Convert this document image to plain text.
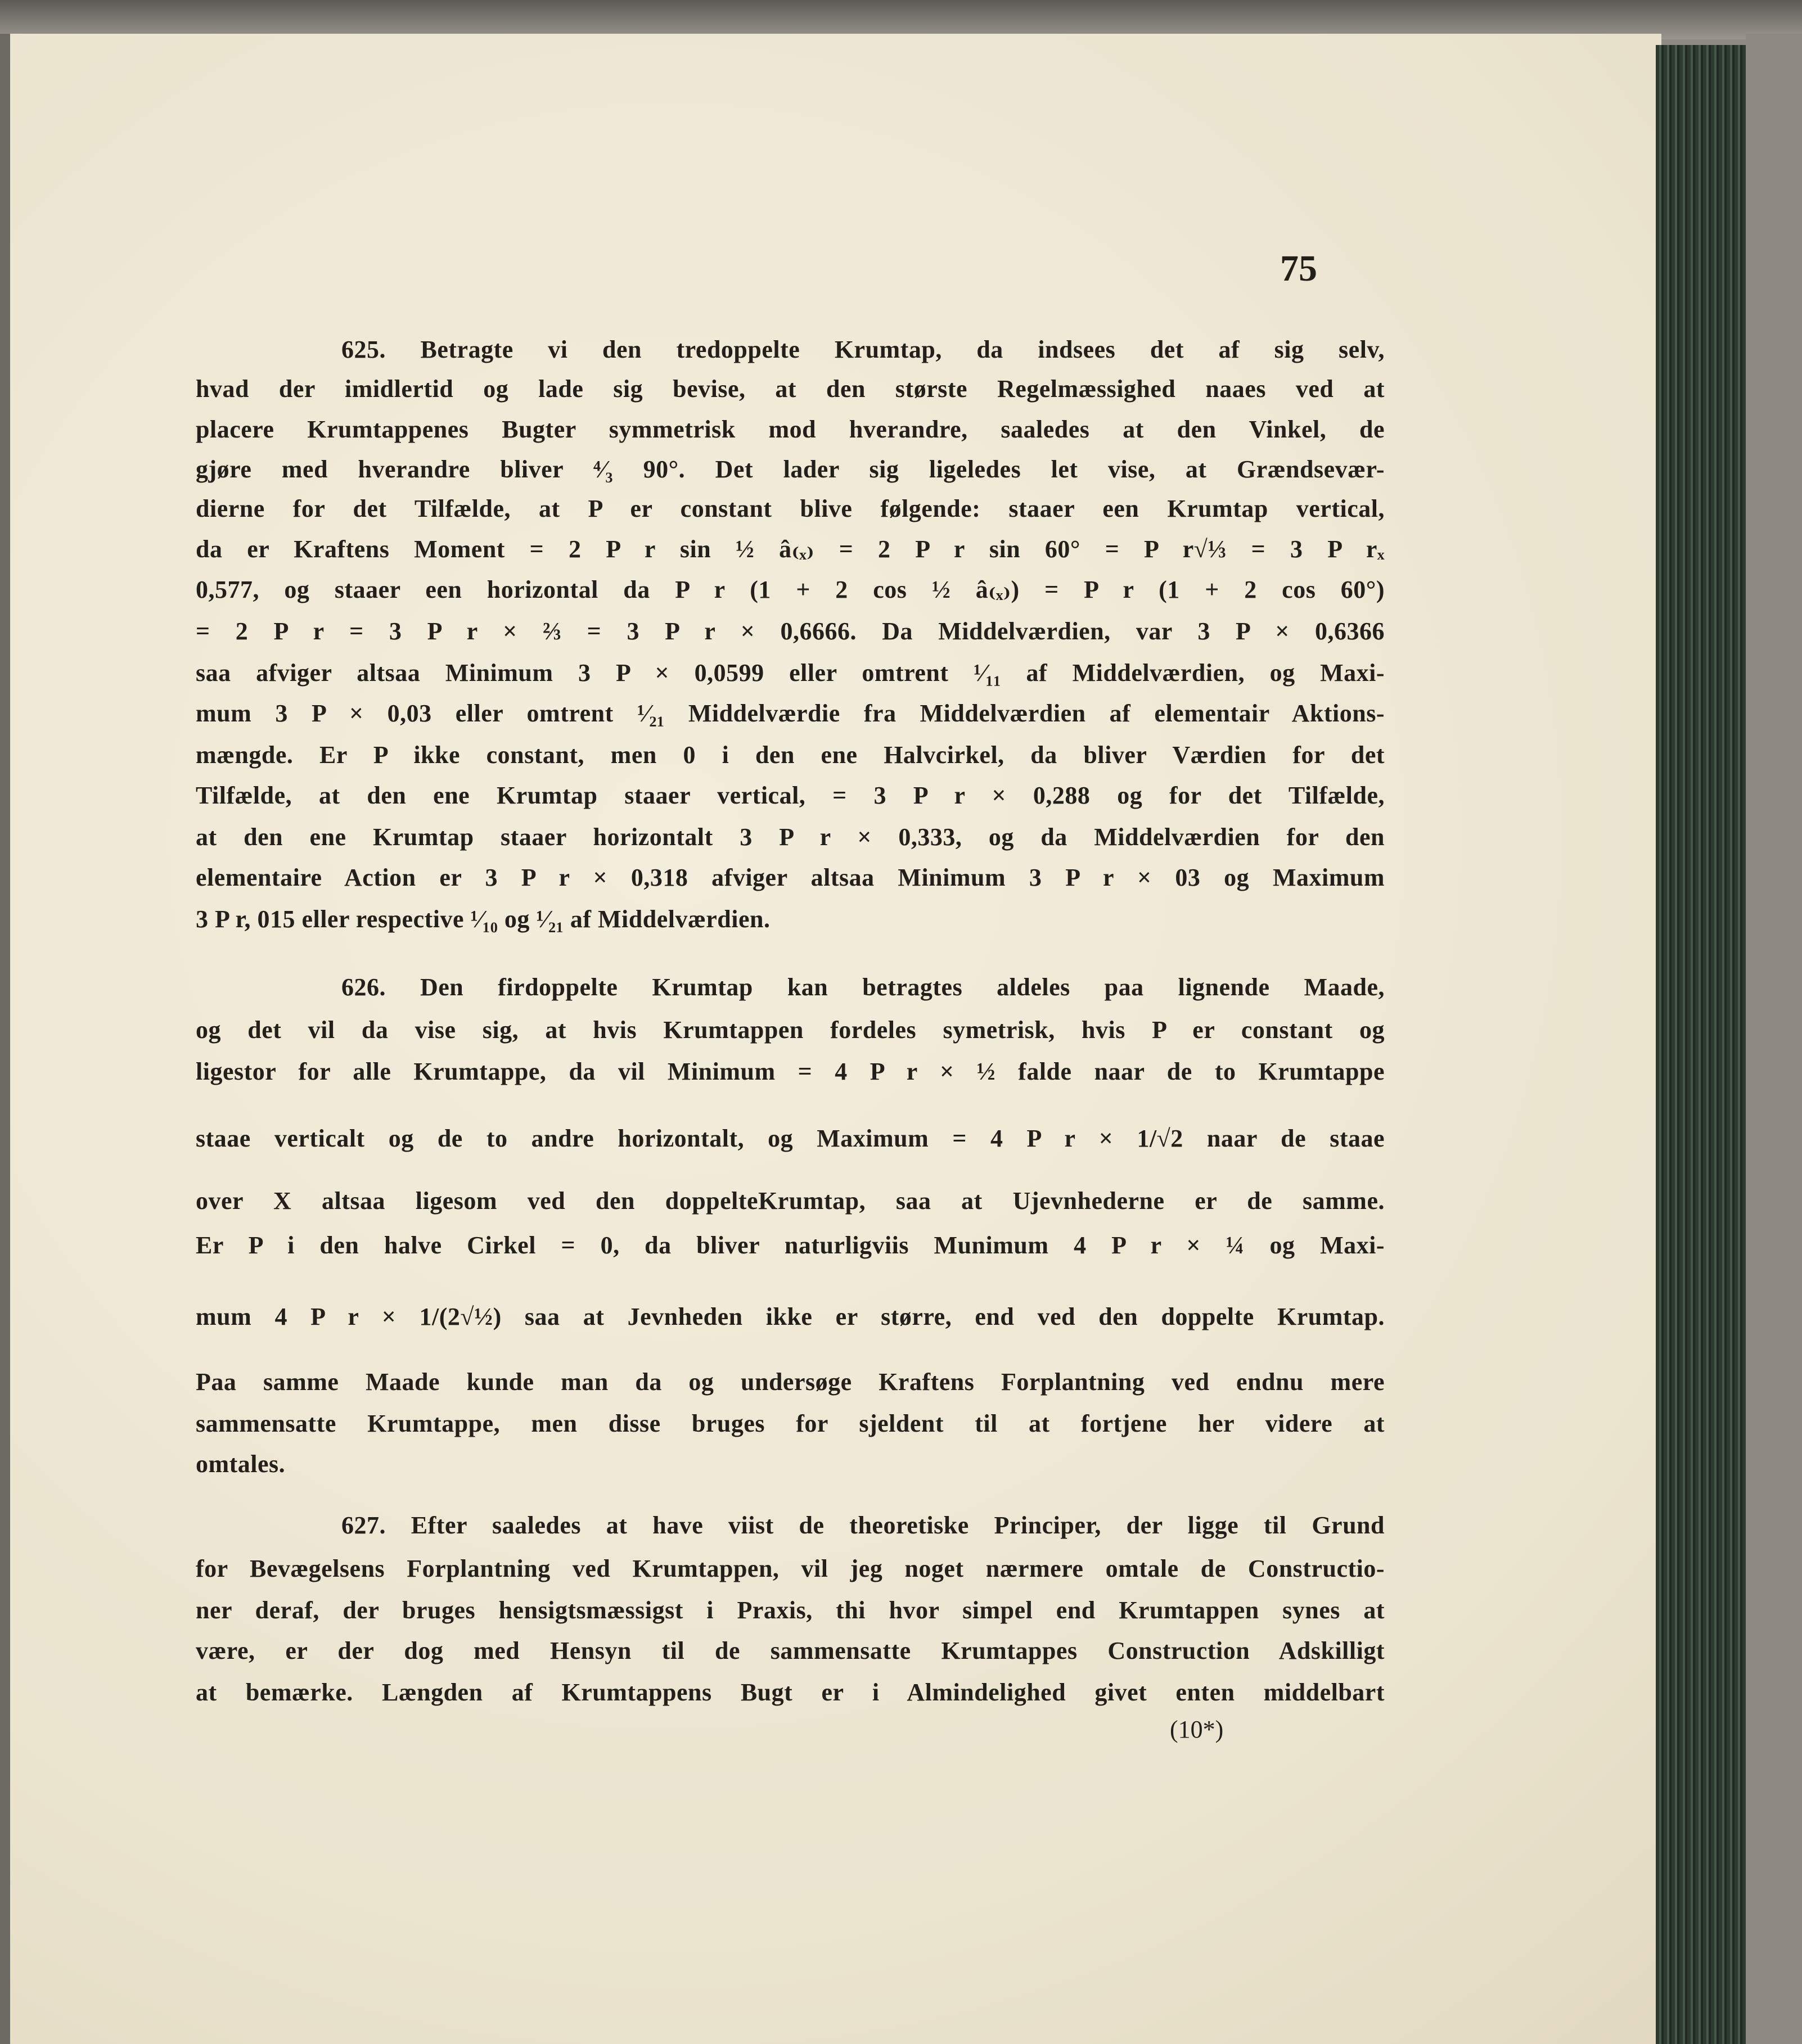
75
625. Betragte vi den tredoppelte Krumtap, da indsees det af sig selv,
hvad der imidlertid og lade sig bevise, at den største Regelmæssighed naaes ved at
placere Krumtappenes Bugter symmetrisk mod hverandre, saaledes at den Vinkel, de
gjøre med hverandre bliver ⁴⁄₃ 90°. Det lader sig ligeledes let vise, at Grændsevær-
dierne for det Tilfælde, at P er constant blive følgende: staaer een Krumtap vertical,
da er Kraftens Moment = 2 P r sin ½ â₍ₓ₎ = 2 P r sin 60° = P r√⅓ = 3 P rₓ
0,577, og staaer een horizontal da P r (1 + 2 cos ½ â₍ₓ₎) = P r (1 + 2 cos 60°)
= 2 P r = 3 P r × ⅔ = 3 P r × 0,6666. Da Middelværdien, var 3 P × 0,6366
saa afviger altsaa Minimum 3 P × 0,0599 eller omtrent ¹⁄₁₁ af Middelværdien, og Maxi-
mum 3 P × 0,03 eller omtrent ¹⁄₂₁ Middelværdie fra Middelværdien af elementair Aktions-
mængde. Er P ikke constant, men 0 i den ene Halvcirkel, da bliver Værdien for det
Tilfælde, at den ene Krumtap staaer vertical, = 3 P r × 0,288 og for det Tilfælde,
at den ene Krumtap staaer horizontalt 3 P r × 0,333, og da Middelværdien for den
elementaire Action er 3 P r × 0,318 afviger altsaa Minimum 3 P r × 03 og Maximum
3 P r, 015 eller respective ¹⁄₁₀ og ¹⁄₂₁ af Middelværdien.
626. Den firdoppelte Krumtap kan betragtes aldeles paa lignende Maade,
og det vil da vise sig, at hvis Krumtappen fordeles symetrisk, hvis P er constant og
ligestor for alle Krumtappe, da vil Minimum = 4 P r × ½ falde naar de to Krumtappe
staae verticalt og de to andre horizontalt, og Maximum = 4 P r × 1/√2 naar de staae
over X altsaa ligesom ved den doppelteKrumtap, saa at Ujevnhederne er de samme.
Er P i den halve Cirkel = 0, da bliver naturligviis Munimum 4 P r × ¼ og Maxi-
mum 4 P r × 1/(2√½) saa at Jevnheden ikke er større, end ved den doppelte Krumtap.
Paa samme Maade kunde man da og undersøge Kraftens Forplantning ved endnu mere
sammensatte Krumtappe, men disse bruges for sjeldent til at fortjene her videre at
omtales.
627. Efter saaledes at have viist de theoretiske Principer, der ligge til Grund
for Bevægelsens Forplantning ved Krumtappen, vil jeg noget nærmere omtale de Constructio-
ner deraf, der bruges hensigtsmæssigst i Praxis, thi hvor simpel end Krumtappen synes at
være, er der dog med Hensyn til de sammensatte Krumtappes Construction Adskilligt
at bemærke. Længden af Krumtappens Bugt er i Almindelighed givet enten middelbart
(10*)
